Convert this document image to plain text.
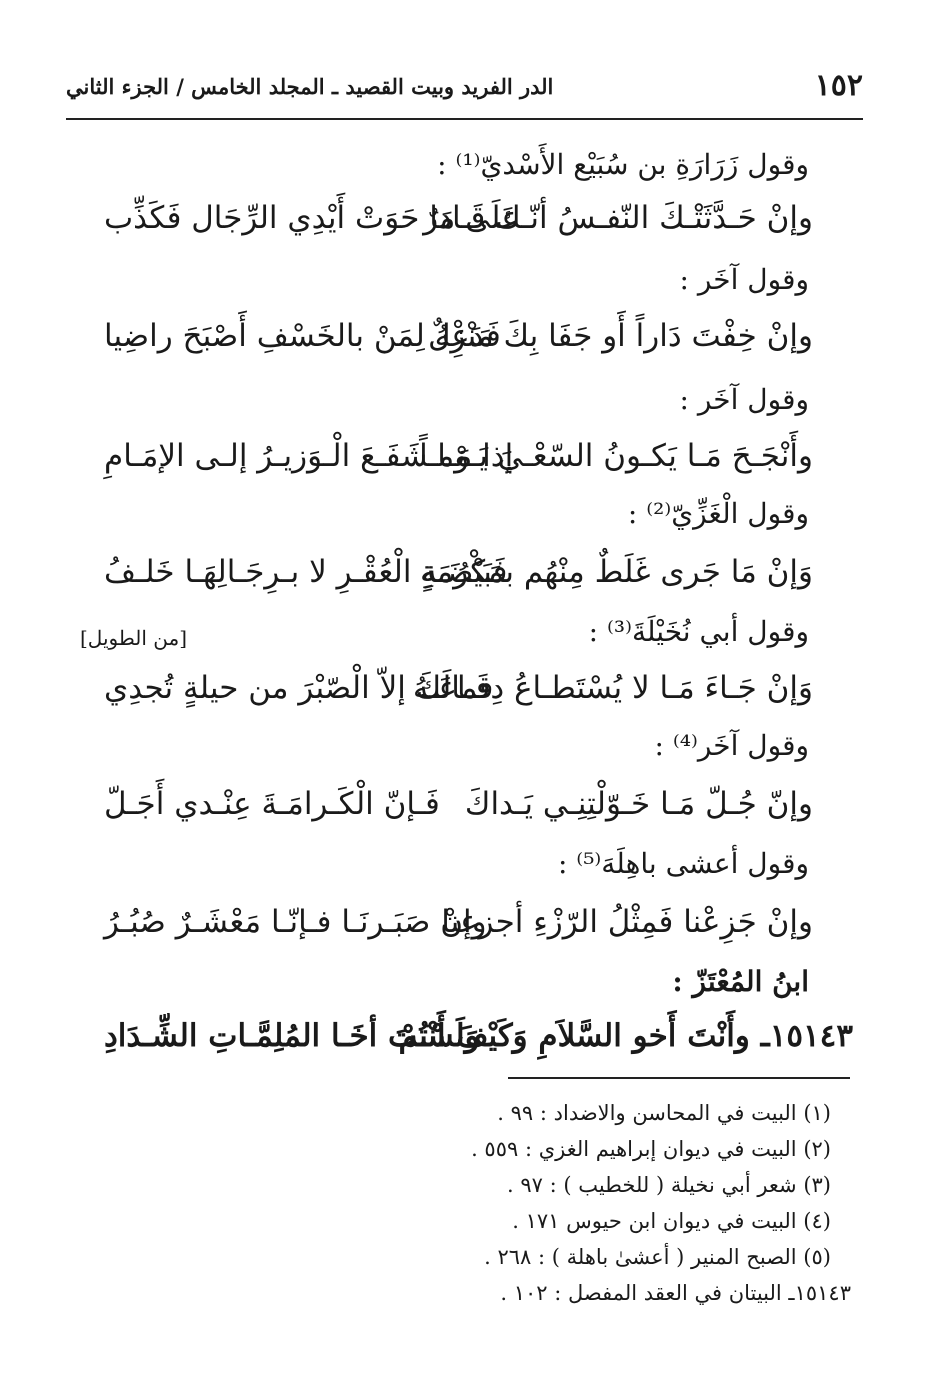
١٥٢
الدر الفريد وبيت القصيد ـ المجلد الخامس / الجزء الثاني
وقول زَرَارَةِ بن سُبَيْع الأَسْديّ⁽¹⁾ :
وإنْ حَـدَّثَتْـكَ النّفـسُ أنّـك قَـادرٌ
عَلَى مَا حَوَتْ أَيْدِي الرِّجَال فَكَذِّب
وقول آخَر :
وإنْ خِفْتَ دَاراً أَو جَفَا بِكَ مَنْزِلٌ
فَدَعْهُ لِمَنْ بالخَسْفِ أَصْبَحَ راضِيا
وقول آخَر :
وأَنْجَـحَ مَـا يَكـونُ السّعْـيَ يَـوْمـاً
إذا مَـا شَفَـعَ الْـوَزيـرُ إلـى الإمَـامِ
وقول الْغَزِّيّ⁽²⁾ :
وَإنْ مَا جَرى غَلَطٌ مِنْهُم بمَكْرُمَةٍ
فَبَيْضَـةِ الْعُقْـرِ لا بـرِجَـالِهَـا خَلـفُ
وقول أبي نُخَيْلَةَ⁽³⁾ :
[من الطويل]
وَإنْ جَـاءَ مَـا لا يُسْتَطـاعُ دِفَـاعَـهُ
فمالَكَ إلاّ الْصّبْرَ من حيلةٍ تُجدِي
وقول آخَر⁽⁴⁾ :
وإنّ جُـلّ مَـا خَـوّلْتِنِـي يَـداكَ
فَـإنّ الْكَـرامَـةَ عِنْـدي أَجَـلّ
وقول أعشى باهِلَهَ⁽⁵⁾ :
وإنْ جَزِعْنا فَمِثْلُ الرّزْءِ أجزعنا
وإنْ صَبَـرنَـا فـإنّـا مَعْشَـرٌ صُبُـرُ
ابنُ المُعْتَزّ :
١٥١٤٣ـ وأَنْتَ أَخو السَّلاَمِ وَكَيْفَ أَنْتُمْ
وَلَسْـتَ أخَـا المُلِمَّـاتِ الشِّـدَادِ
(١) البيت في المحاسن والاضداد : ٩٩ .
(٢) البيت في ديوان إبراهيم الغزي : ٥٥٩ .
(٣) شعر أبي نخيلة ( للخطيب ) : ٩٧ .
(٤) البيت في ديوان ابن حيوس ١٧١ .
(٥) الصبح المنير ( أعشىٰ باهلة ) : ٢٦٨ .
١٥١٤٣ـ البيتان في العقد المفصل : ١٠٢ .
